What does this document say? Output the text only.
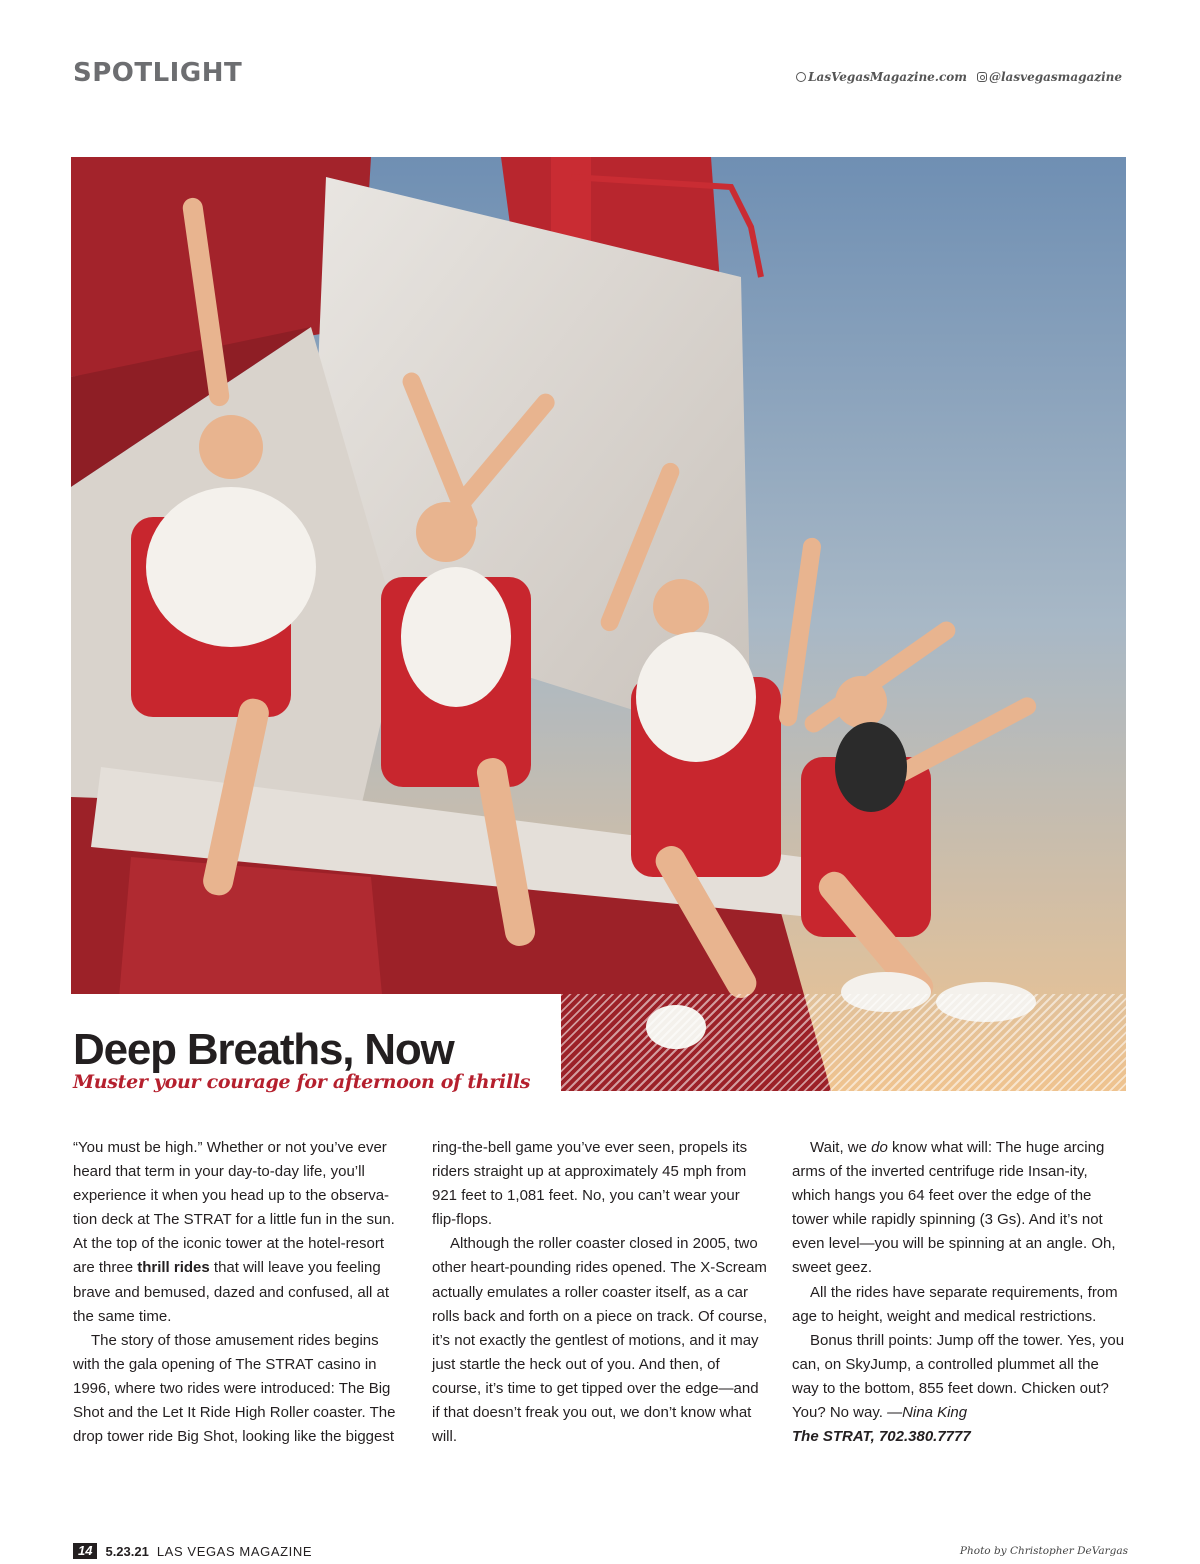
SPOTLIGHT	LasVegasMagazine.com @lasvegasmagazine
Deep Breaths, Now
Muster your courage for afternoon of thrills

“You must be high.” Whether or not you’ve ever heard that term in your day-to-day life, you’ll experience it when you head up to the observa-tion deck at The STRAT for a little fun in the sun. At the top of the iconic tower at the hotel-resort are three thrill rides that will leave you feeling brave and bemused, dazed and confused, all at the same time.

The story of those amusement rides begins with the gala opening of The STRAT casino in 1996, where two rides were introduced: The Big Shot and the Let It Ride High Roller coaster. The drop tower ride Big Shot, looking like the biggest

ring-the-bell game you’ve ever seen, propels its riders straight up at approximately 45 mph from 921 feet to 1,081 feet. No, you can’t wear your flip-flops.

Although the roller coaster closed in 2005, two other heart-pounding rides opened. The X-Scream actually emulates a roller coaster itself, as a car rolls back and forth on a piece on track. Of course, it’s not exactly the gentlest of motions, and it may just startle the heck out of you. And then, of course, it’s time to get tipped over the edge—and if that doesn’t freak you out, we don’t know what will.

Wait, we do know what will: The huge arcing arms of the inverted centrifuge ride Insan-ity, which hangs you 64 feet over the edge of the tower while rapidly spinning (3 Gs). And it’s not even level—you will be spinning at an angle. Oh, sweet geez.

All the rides have separate requirements, from age to height, weight and medical restrictions.

Bonus thrill points: Jump off the tower. Yes, you can, on SkyJump, a controlled plummet all the way to the bottom, 855 feet down. Chicken out? You? No way. —Nina King

The STRAT, 702.380.7777

14	5.23.21 LAS VEGAS MAGAZINE	Photo by Christopher DeVargas
